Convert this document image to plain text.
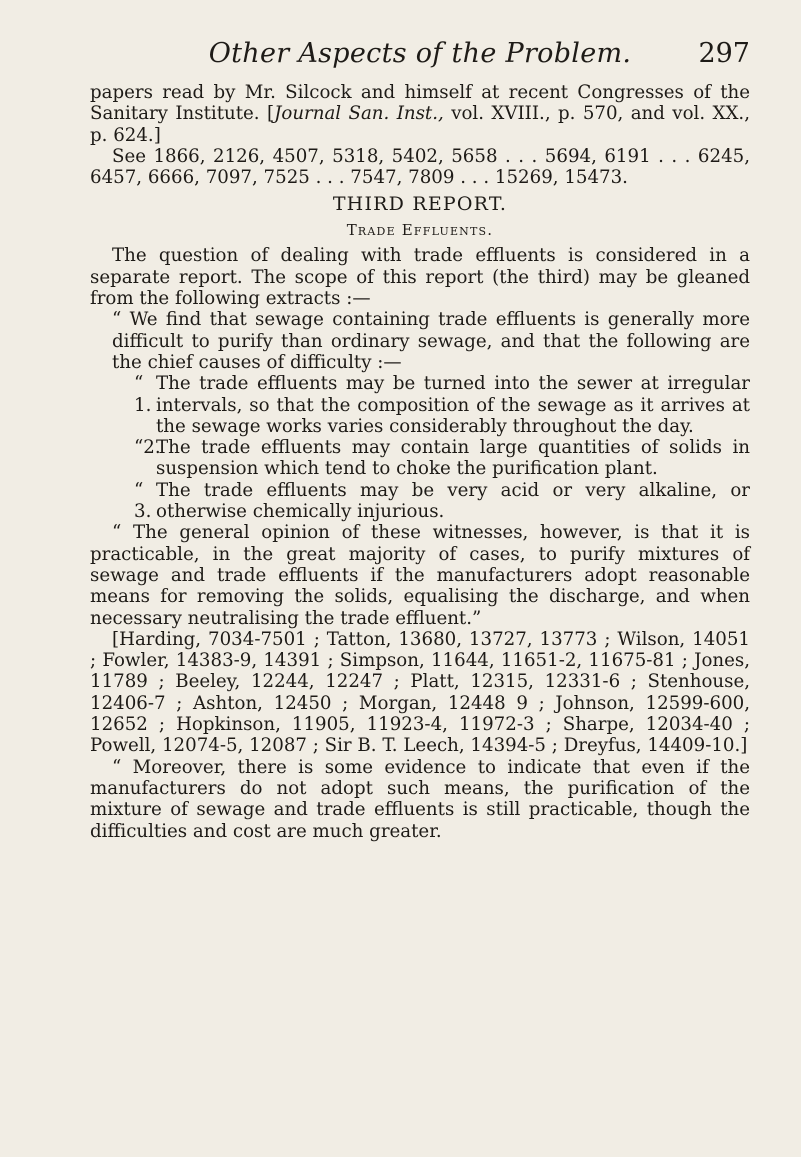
Other Aspects of the Problem.	297

papers read by Mr. Silcock and himself at recent Congresses of the Sanitary Institute. [Journal San. Inst., vol. XVIII., p. 570, and vol. XX., p. 624.]

See 1866, 2126, 4507, 5318, 5402, 5658 . . . 5694, 6191 . . . 6245, 6457, 6666, 7097, 7525 . . . 7547, 7809 . . . 15269, 15473.

THIRD REPORT.
Trade Effluents.

The question of dealing with trade effluents is considered in a separate report. The scope of this report (the third) may be gleaned from the following extracts :—

“ We find that sewage containing trade effluents is generally more difficult to purify than ordinary sewage, and that the following are the chief causes of difficulty :—

“ 1.
The trade effluents may be turned into the sewer at irregular intervals, so that the composition of the sewage as it arrives at the sewage works varies considerably throughout the day.
“2.
The trade effluents may contain large quantities of solids in suspension which tend to choke the purification plant.
“ 3.
The trade effluents may be very acid or very alkaline, or otherwise chemically injurious.

“ The general opinion of these witnesses, however, is that it is practicable, in the great majority of cases, to purify mixtures of sewage and trade effluents if the manufacturers adopt reasonable means for removing the solids, equalising the discharge, and when necessary neutralising the trade effluent.”

[Harding, 7034-7501 ; Tatton, 13680, 13727, 13773 ; Wilson, 14051 ; Fowler, 14383-9, 14391 ; Simpson, 11644, 11651-2, 11675-81 ; Jones, 11789 ; Beeley, 12244, 12247 ; Platt, 12315, 12331-6 ; Stenhouse, 12406-7 ; Ashton, 12450 ; Morgan, 12448 9 ; Johnson, 12599-600, 12652 ; Hopkinson, 11905, 11923-4, 11972-3 ; Sharpe, 12034-40 ; Powell, 12074-5, 12087 ; Sir B. T. Leech, 14394-5 ; Dreyfus, 14409-10.]

“ Moreover, there is some evidence to indicate that even if the manufacturers do not adopt such means, the purification of the mixture of sewage and trade effluents is still practicable, though the difficulties and cost are much greater.
